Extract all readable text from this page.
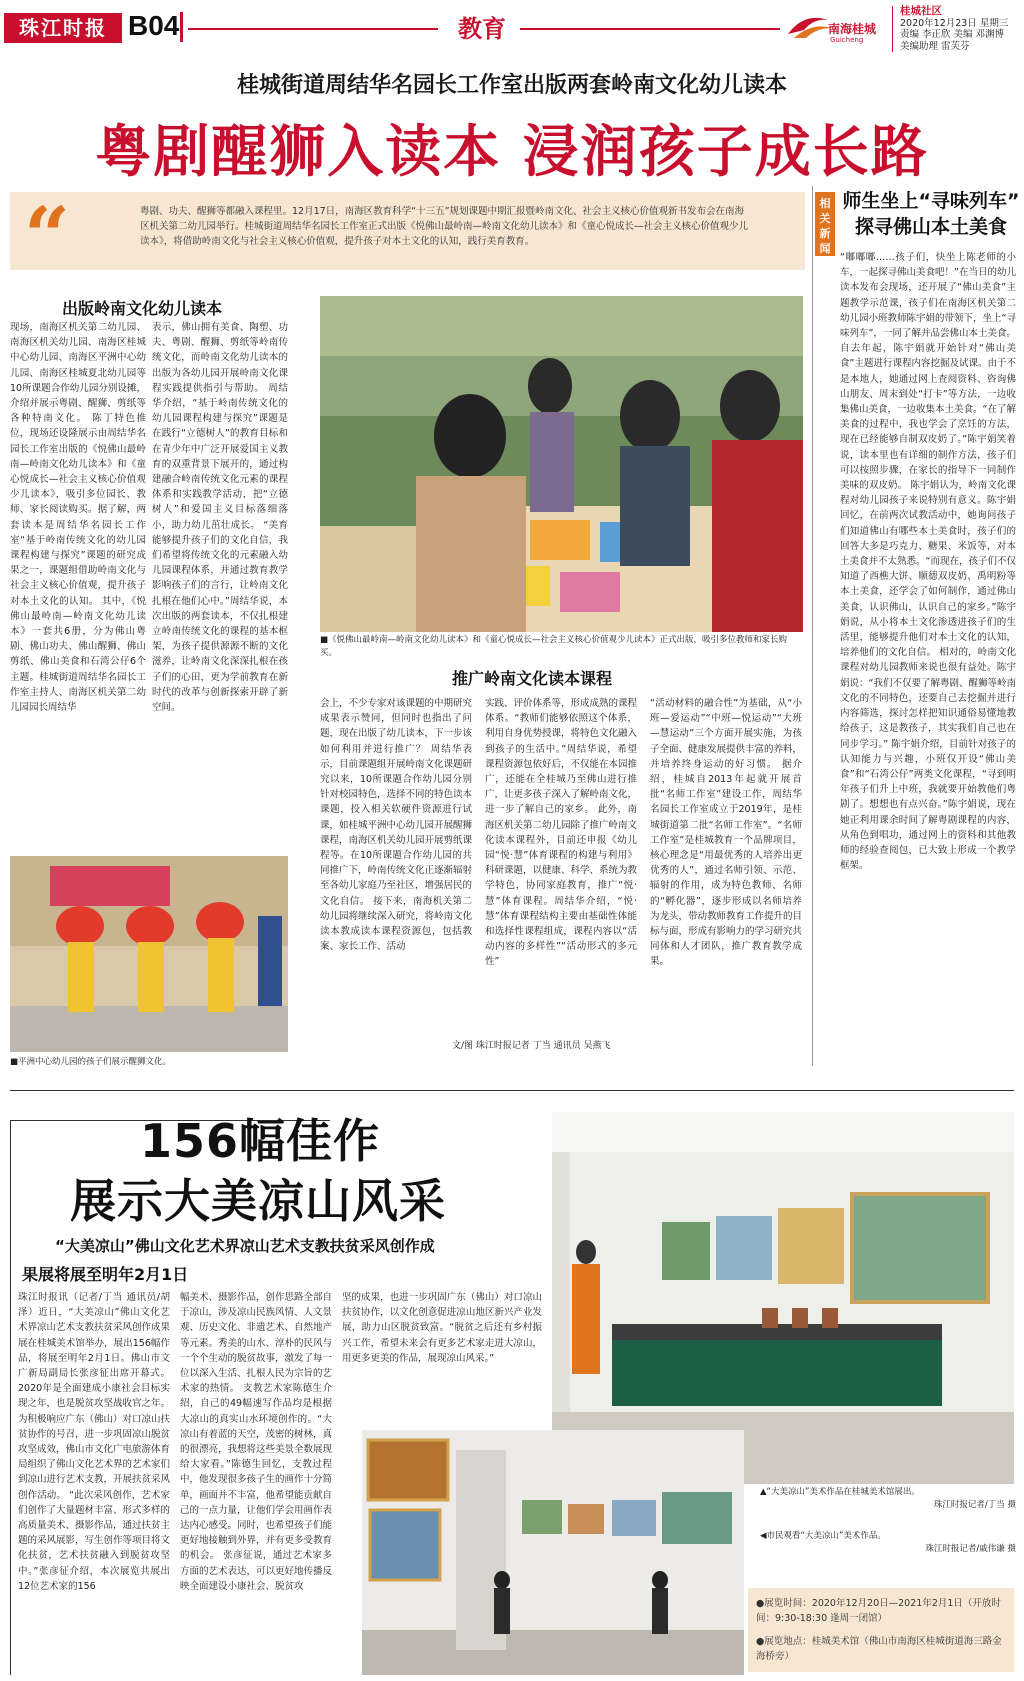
珠江时报 B04	教育	南海桂城
Guicheng
桂城社区
2020年12月23日 星期三
责编 李正欣 美编 邓渊博
美编助理 雷芙芬
桂城街道周结华名园长工作室出版两套岭南文化幼儿读本
粤剧醒狮入读本 浸润孩子成长路
“	粤剧、功夫、醒狮等都融入课程里。12月17日，南海区教育科学“十三五”规划课题中期汇报暨岭南文化、社会主义核心价值观新书发布会在南海区机关第二幼儿园举行。桂城街道周结华名园长工作室正式出版《悦佛山最岭南—岭南文化幼儿读本》和《童心悦成长—社会主义核心价值观少儿读本》，将借助岭南文化与社会主义核心价值观，提升孩子对本土文化的认知，践行美育教育。
出版岭南文化幼儿读本
现场，南海区机关第二幼儿园、南海区机关幼儿园、南海区桂城中心幼儿园、南海区平洲中心幼儿园、南海区桂城夏北幼儿园等10所课题合作幼儿园分别设摊，介绍并展示粤剧、醒狮、剪纸等各种特南文化。 陈丁特色推位，现场还设隆展示由周结华名园长工作室出版的《悦佛山最岭南—岭南文化幼儿读本》和《童心悦成长—社会主义核心价值观少儿读本》，吸引多位园长、教师、家长阅读购买。据了解，两套读本是周结华名园长工作室“基于岭南传统文化的幼儿园课程构建与探究”课题的研究成果之一，课题组借助岭南文化与社会主义核心价值观，提升孩子对本土文化的认知。 其中，《悦佛山最岭南—岭南文化幼儿读本》一套共6册，分为佛山粤剧、佛山功夫、佛山醒狮、佛山剪纸、佛山美食和石湾公仔6个主题。桂城街道周结华名园长工作室主持人、南海区机关第二幼儿园园长周结华
表示，佛山拥有美食、陶塑、功夫、粤剧、醒狮、剪纸等岭南传统文化，而岭南文化幼儿读本的出版为各幼儿园开展岭南文化课程实践提供指引与帮助。 周结华介绍，“基于岭南传统文化的幼儿园课程构建与探究”课题是在践行“立德树人”的教育目标和在青少年中广泛开展爱国主义教育的双重背景下展开的，通过构建融合岭南传统文化元素的课程体系和实践教学活动，把“立德树人”和爱国主义目标落细落小，助力幼儿茁壮成长。 “美育能够提升孩子们的文化自信，我们希望将传统文化的元素融入幼儿园课程体系，并通过教育教学影响孩子们的言行，让岭南文化扎根在他们心中。”周结华说，本次出版的两套读本，不仅扎根建立岭南传统文化的课程的基本框架，为孩子提供源源不断的文化滋养，让岭南文化深深扎根在孩子们的心田，更为学前教育在新时代的改革与创新探索开辟了新空间。
■《悦佛山最岭南—岭南文化幼儿读本》和《童心悦成长—社会主义核心价值观少儿读本》正式出版，吸引多位教师和家长购买。
推广岭南文化读本课程
会上，不少专家对该课题的中期研究成果表示赞同，但同时也指出了问题，现在出版了幼儿读本，下一步该如何利用并进行推广？ 周结华表示，目前课题组开展岭南文化课题研究以来，10所课题合作幼儿园分别针对校园特色，选择不同的特色读本课题，投入相关软硬件资源进行试课，如桂城平洲中心幼儿园开展醒狮课程，南海区机关幼儿园开展剪纸课程等。在10所课题合作幼儿园的共同推广下，岭南传统文化正逐渐辐射至各幼儿家庭乃至社区，增强居民的文化自信。 接下来，南海机关第二幼儿园将继续深入研究，将岭南文化读本教成读本课程资源包，包括教案、家长工作、活动
实践、评价体系等，形成成熟的课程体系。“教师们能够依照这个体系，利用自身优势授课，将特色文化融入到孩子的生活中。”周结华说，希望课程资源包依好后，不仅能在本园推广，还能在全桂城乃至佛山进行推广，让更多孩子深入了解岭南文化，进一步了解自己的家乡。 此外，南海区机关第二幼儿园除了推广岭南文化读本课程外，目前还申报《幼儿园“悦·慧”体育课程的构建与利用》科研课题，以健康、科学、系统为教学特色，协同家庭教育，推广“悦·慧”体育课程。周结华介绍，“悦·慧”体育课程结构主要由基础性体能和选择性课程组成，课程内容以“活动内容的多样性”“活动形式的多元性”
“活动材料的融合性”为基础，从“小班—爱运动”“中班—悦运动”“大班—慧运动”三个方面开展实施，为孩子全面、健康发展提供丰富的养料，并培养终身运动的好习惯。 据介绍，桂城自2013年起就开展首批“名师工作室”建设工作，周结华名园长工作室成立于2019年，是桂城街道第二批“名师工作室”。“名师工作室”是桂城教育一个品牌项目，核心理念是“用最优秀的人培养出更优秀的人”，通过名师引领、示范、辐射的作用，成为特色教师、名师的“孵化器”，逐步形成以名师培养为龙头，带动教师教育工作提升的目标与面，形成有影响力的学习研究共同体和人才团队，推广教育教学成果。
文/图 珠江时报记者 丁当 通讯员 吴燕飞
■平洲中心幼儿园的孩子们展示醒狮文化。
相关新闻
师生坐上“寻味列车”
探寻佛山本土美食
“嘟嘟嘟……孩子们，快坐上陈老师的小车，一起探寻佛山美食吧！”在当日的幼儿读本发布会现场，还开展了“佛山美食”主题教学示范课，孩子们在南海区机关第二幼儿园小班教师陈宇娟的带领下，坐上“寻味列车”，一同了解并品尝佛山本土美食。 自去年起，陈宇娟就开始针对“佛山美食”主题进行课程内容挖掘及试课。由于不是本地人，她通过网上查阅资料、咨询佛山朋友、周末到处“打卡”等方法，一边收集佛山美食，一边收集本土美食。“在了解美食的过程中，我也学会了烹饪的方法，现在已经能够自制双皮奶了。”陈宇娟笑着说，读本里也有详细的制作方法，孩子们可以按照步骤，在家长的指导下一同制作美味的双皮奶。 陈宇娟认为，岭南文化课程对幼儿园孩子来说特别有意义。陈宇娟回忆，在前两次试教活动中，她询问孩子们知道佛山有哪些本土美食时，孩子们的回答大多是巧克力、糖果、米饭等，对本土美食并不太熟悉。“而现在，孩子们不仅知道了西樵大饼、顺德双皮奶、禹明粉等本土美食，还学会了如何制作，通过佛山美食，认识佛山，认识自己的家乡。”陈宇娟说，从小将本土文化渗透进孩子们的生活里，能够提升他们对本土文化的认知，培养他们的文化自信。 相对的，岭南文化课程对幼儿园教师来说也很有益处。陈宇娟说：“我们不仅要了解粤剧、醒狮等岭南文化的不同特色，还要自己去挖掘并进行内容筛选，探讨怎样把知识通俗易懂地教给孩子，这是教孩子，其实我们自己也在同步学习。” 陈宇娟介绍，目前针对孩子的认知能力与兴趣，小班仅开设“佛山美食”和“石湾公仔”两类文化课程，“寻到明年孩子们升上中班，我就要开始教他们粤剧了。想想也有点兴奋。”陈宇娟说，现在她正利用课余时间了解粤剧课程的内容，从角色到唱功，通过网上的资料和其他教师的经验查阅包，已大致上形成一个教学框架。
156幅佳作
展示大美凉山风采
“大美凉山”佛山文化艺术界凉山艺术支教扶贫采风创作成
果展将展至明年2月1日
珠江时报讯（记者/丁当 通讯员/胡泽）近日，“大美凉山”佛山文化艺术界凉山艺术支教扶贫采风创作成果展在桂城美术馆举办，展出156幅作品，将展至明年2月1日。佛山市文广新局副局长张彦征出席开幕式。 2020年是全面建成小康社会目标实现之年，也是脱贫攻坚战收官之年。为积极响应广东（佛山）对口凉山扶贫协作的号召，进一步巩固凉山脱贫攻坚成效，佛山市文化广电旅游体育局组织了佛山文化艺术界的艺术家们到凉山进行艺术支教，开展扶贫采风创作活动。 “此次采风创作，艺术家们创作了大量题材丰富、形式多样的高质量美术、摄影作品，通过扶贫主题的采风展影，写生创作等项目将文化扶贫，艺术扶贫融入到脱贫攻坚中。”张彦征介绍，本次展览共展出12位艺术家的156
幅美术、摄影作品，创作思路全部自于凉山，涉及凉山民族风情、人文景观、历史文化、非遗艺术、自然地产等元素。秀美的山水、淳朴的民风与一个个生动的脱贫故事，激发了每一位以深入生活、扎根人民为宗旨的艺术家的热情。 支教艺术家陈德生介绍，自己的49幅速写作品均是根据大凉山的真实山水环境创作的。“大凉山有着蓝的天空，茂密的树林，真的很漂亮，我想将这些美景全数展现给大家看。”陈德生回忆，支教过程中，他发现很多孩子生的画作十分简单，画面并不丰富，他希望能贡献自己的一点力量，让他们学会用画作表达内心感受。同时，也希望孩子们能更好地接触到外界，并有更多受教育的机会。 张彦征说，通过艺术家多方面的艺术表达，可以更好地传播反映全面建设小康社会、脱贫攻
坚的成果，也进一步巩固广东（佛山）对口凉山扶贫协作，以文化创意促进凉山地区新兴产业发展，助力山区脱贫致富。“脱贫之后还有乡村振兴工作，希望未来会有更多艺术家走进大凉山，用更多更美的作品，展现凉山风采。”
▲“大美凉山”美术作品在桂城美术馆展出。
珠江时报记者/丁当 摄
◀市民观看“大美凉山”美术作品。
珠江时报记者/戚伟谦 摄
●展览时间：2020年12月20日—2021年2月1日（开放时间：9:30-18:30 逢周一闭馆）
●展览地点：桂城美术馆（佛山市南海区桂城街道海三路金海桥旁）
